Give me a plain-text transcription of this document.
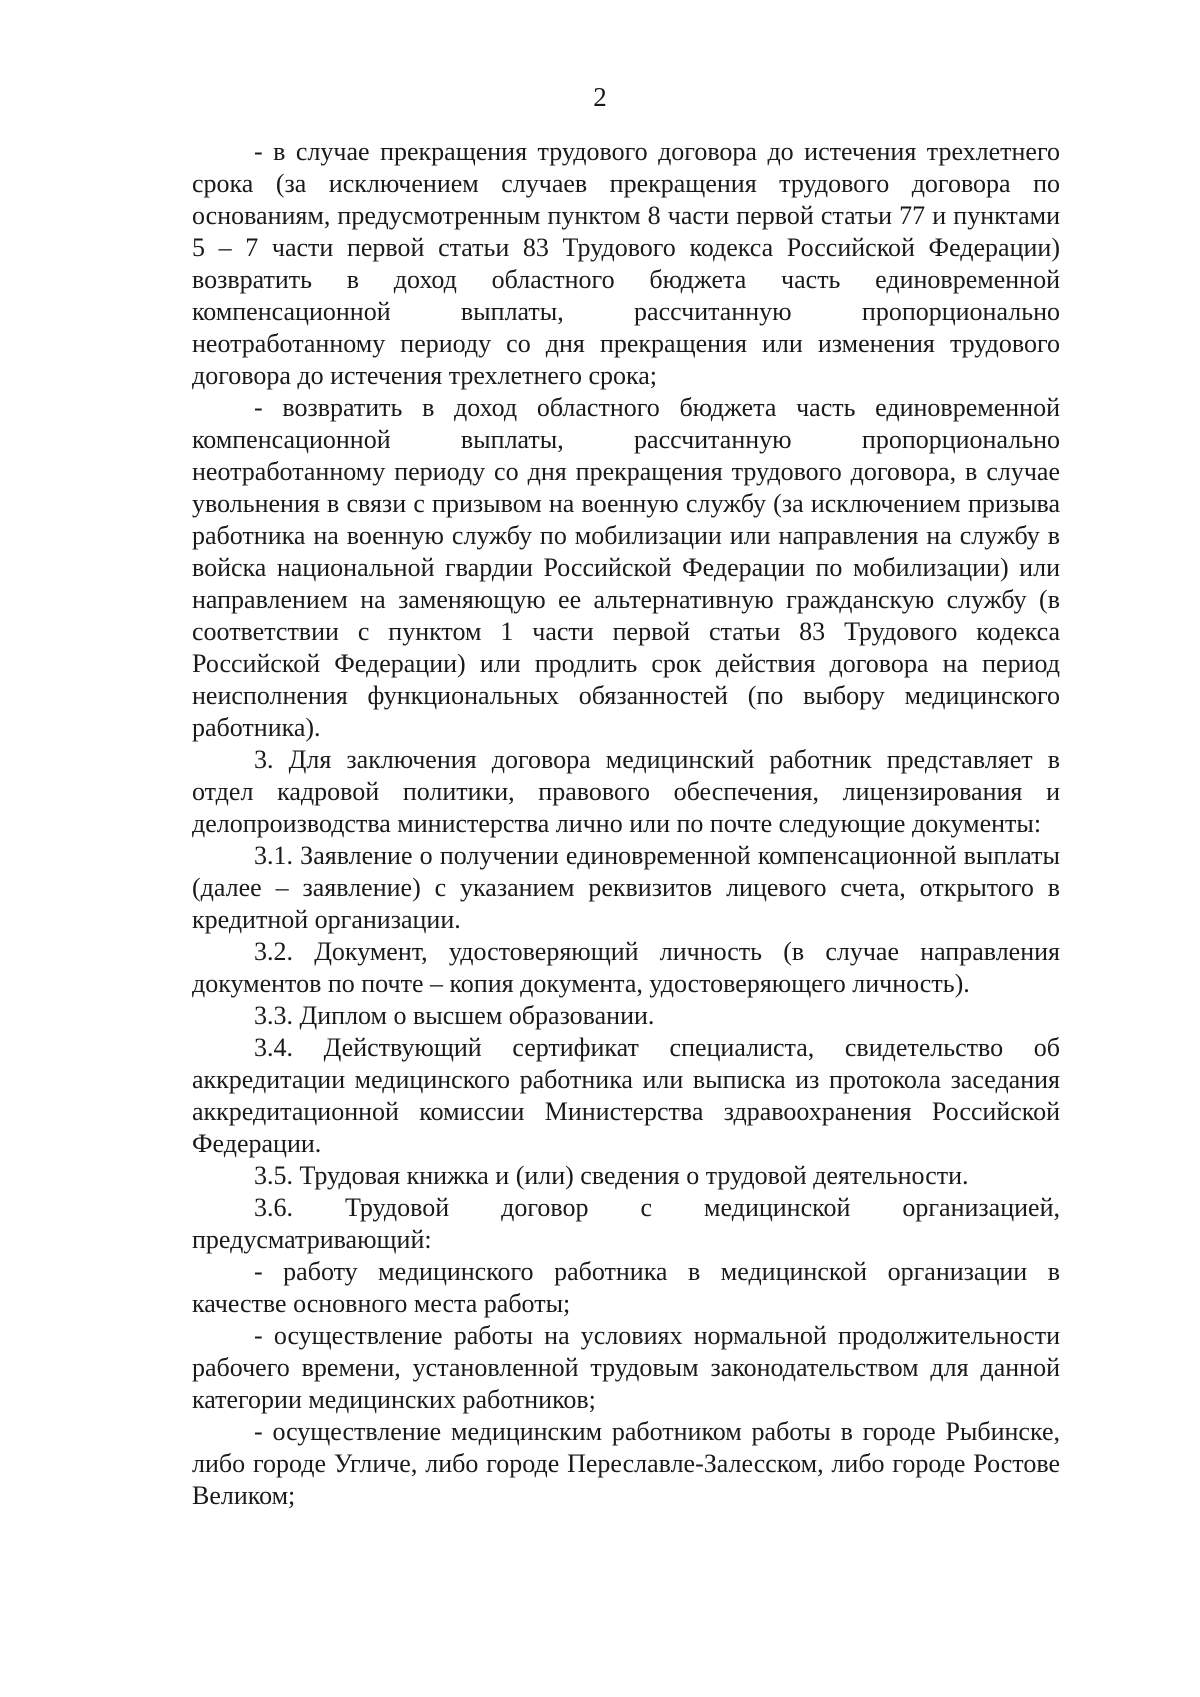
2

- в случае прекращения трудового договора до истечения трехлетнего срока (за исключением случаев прекращения трудового договора по основаниям, предусмотренным пунктом 8 части первой статьи 77 и пунктами 5 – 7 части первой статьи 83 Трудового кодекса Российской Федерации) возвратить в доход областного бюджета часть единовременной компенсационной выплаты, рассчитанную пропорционально неотработанному периоду со дня прекращения или изменения трудового договора до истечения трехлетнего срока;

- возвратить в доход областного бюджета часть единовременной компенсационной выплаты, рассчитанную пропорционально неотработанному периоду со дня прекращения трудового договора, в случае увольнения в связи с призывом на военную службу (за исключением призыва работника на военную службу по мобилизации или направления на службу в войска национальной гвардии Российской Федерации по мобилизации) или направлением на заменяющую ее альтернативную гражданскую службу (в соответствии с пунктом 1 части первой статьи 83 Трудового кодекса Российской Федерации) или продлить срок действия договора на период неисполнения функциональных обязанностей (по выбору медицинского работника).

3. Для заключения договора медицинский работник представляет в отдел кадровой политики, правового обеспечения, лицензирования и делопроизводства министерства лично или по почте следующие документы:

3.1. Заявление о получении единовременной компенсационной выплаты (далее – заявление) с указанием реквизитов лицевого счета, открытого в кредитной организации.

3.2. Документ, удостоверяющий личность (в случае направления документов по почте – копия документа, удостоверяющего личность).

3.3. Диплом о высшем образовании.

3.4. Действующий сертификат специалиста, свидетельство об аккредитации медицинского работника или выписка из протокола заседания аккредитационной комиссии Министерства здравоохранения Российской Федерации.

3.5. Трудовая книжка и (или) сведения о трудовой деятельности.

3.6. Трудовой договор с медицинской организацией, предусматривающий:

- работу медицинского работника в медицинской организации в качестве основного места работы;

- осуществление работы на условиях нормальной продолжительности рабочего времени, установленной трудовым законодательством для данной категории медицинских работников;

- осуществление медицинским работником работы в городе Рыбинске, либо городе Угличе, либо городе Переславле-Залесском, либо городе Ростове Великом;
